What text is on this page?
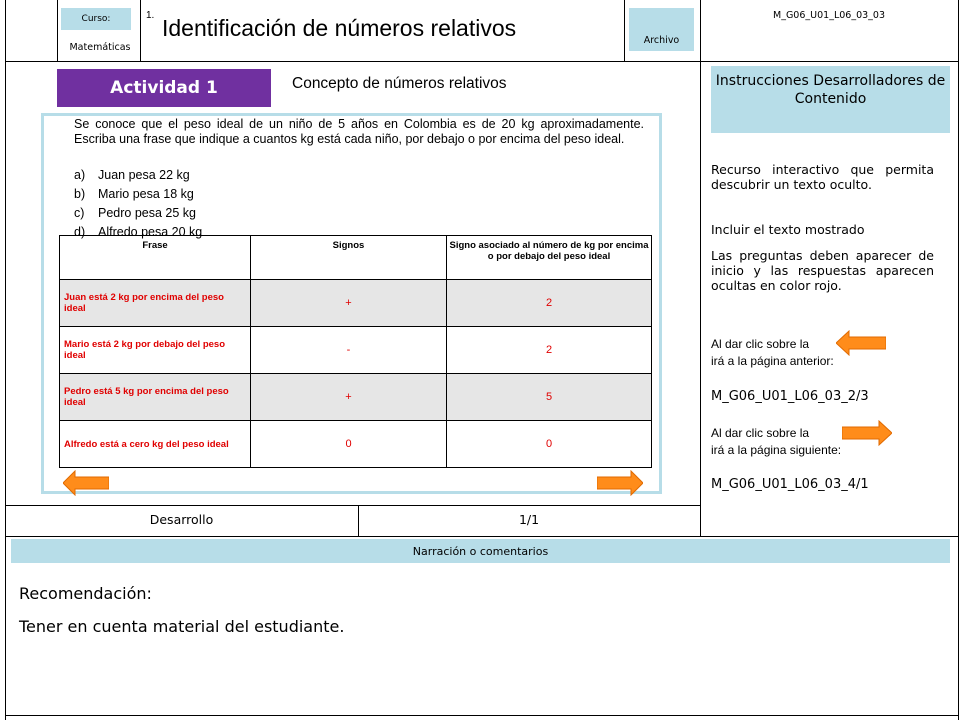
Curso:
Matemáticas
1. Identificación de números relativos	Archivo
M_G06_U01_L06_03_03
Actividad 1	Concepto de números relativos
Se conoce que el peso ideal de un niño de 5 años en Colombia es de 20 kg aproximadamente. Escriba una frase que indique a cuantos kg está cada niño, por debajo o por encima del peso ideal.
a)	Juan pesa 22 kg
b)	Mario pesa 18 kg
c)	Pedro pesa 25 kg
d)	Alfredo pesa 20 kg
Frase	Signos	Signo asociado al número de kg por encima o por debajo del peso ideal
Juan está 2 kg por encima del peso ideal	+	2
Mario está 2 kg por debajo del peso ideal	-	2
Pedro está 5 kg por encima del peso ideal	+	5
Alfredo está a cero kg del peso ideal	0	0
Desarrollo	1/1
Instrucciones Desarrolladores de Contenido
Recurso interactivo que permita descubrir un texto oculto.
Incluir el texto mostrado
Las preguntas deben aparecer de inicio y las respuestas aparecen ocultas en color rojo.
Al dar clic sobre la
irá a la página anterior:
M_G06_U01_L06_03_2/3
Al dar clic sobre la
irá a la página siguiente:
M_G06_U01_L06_03_4/1
Narración o comentarios
Recomendación:
Tener en cuenta material del estudiante.
